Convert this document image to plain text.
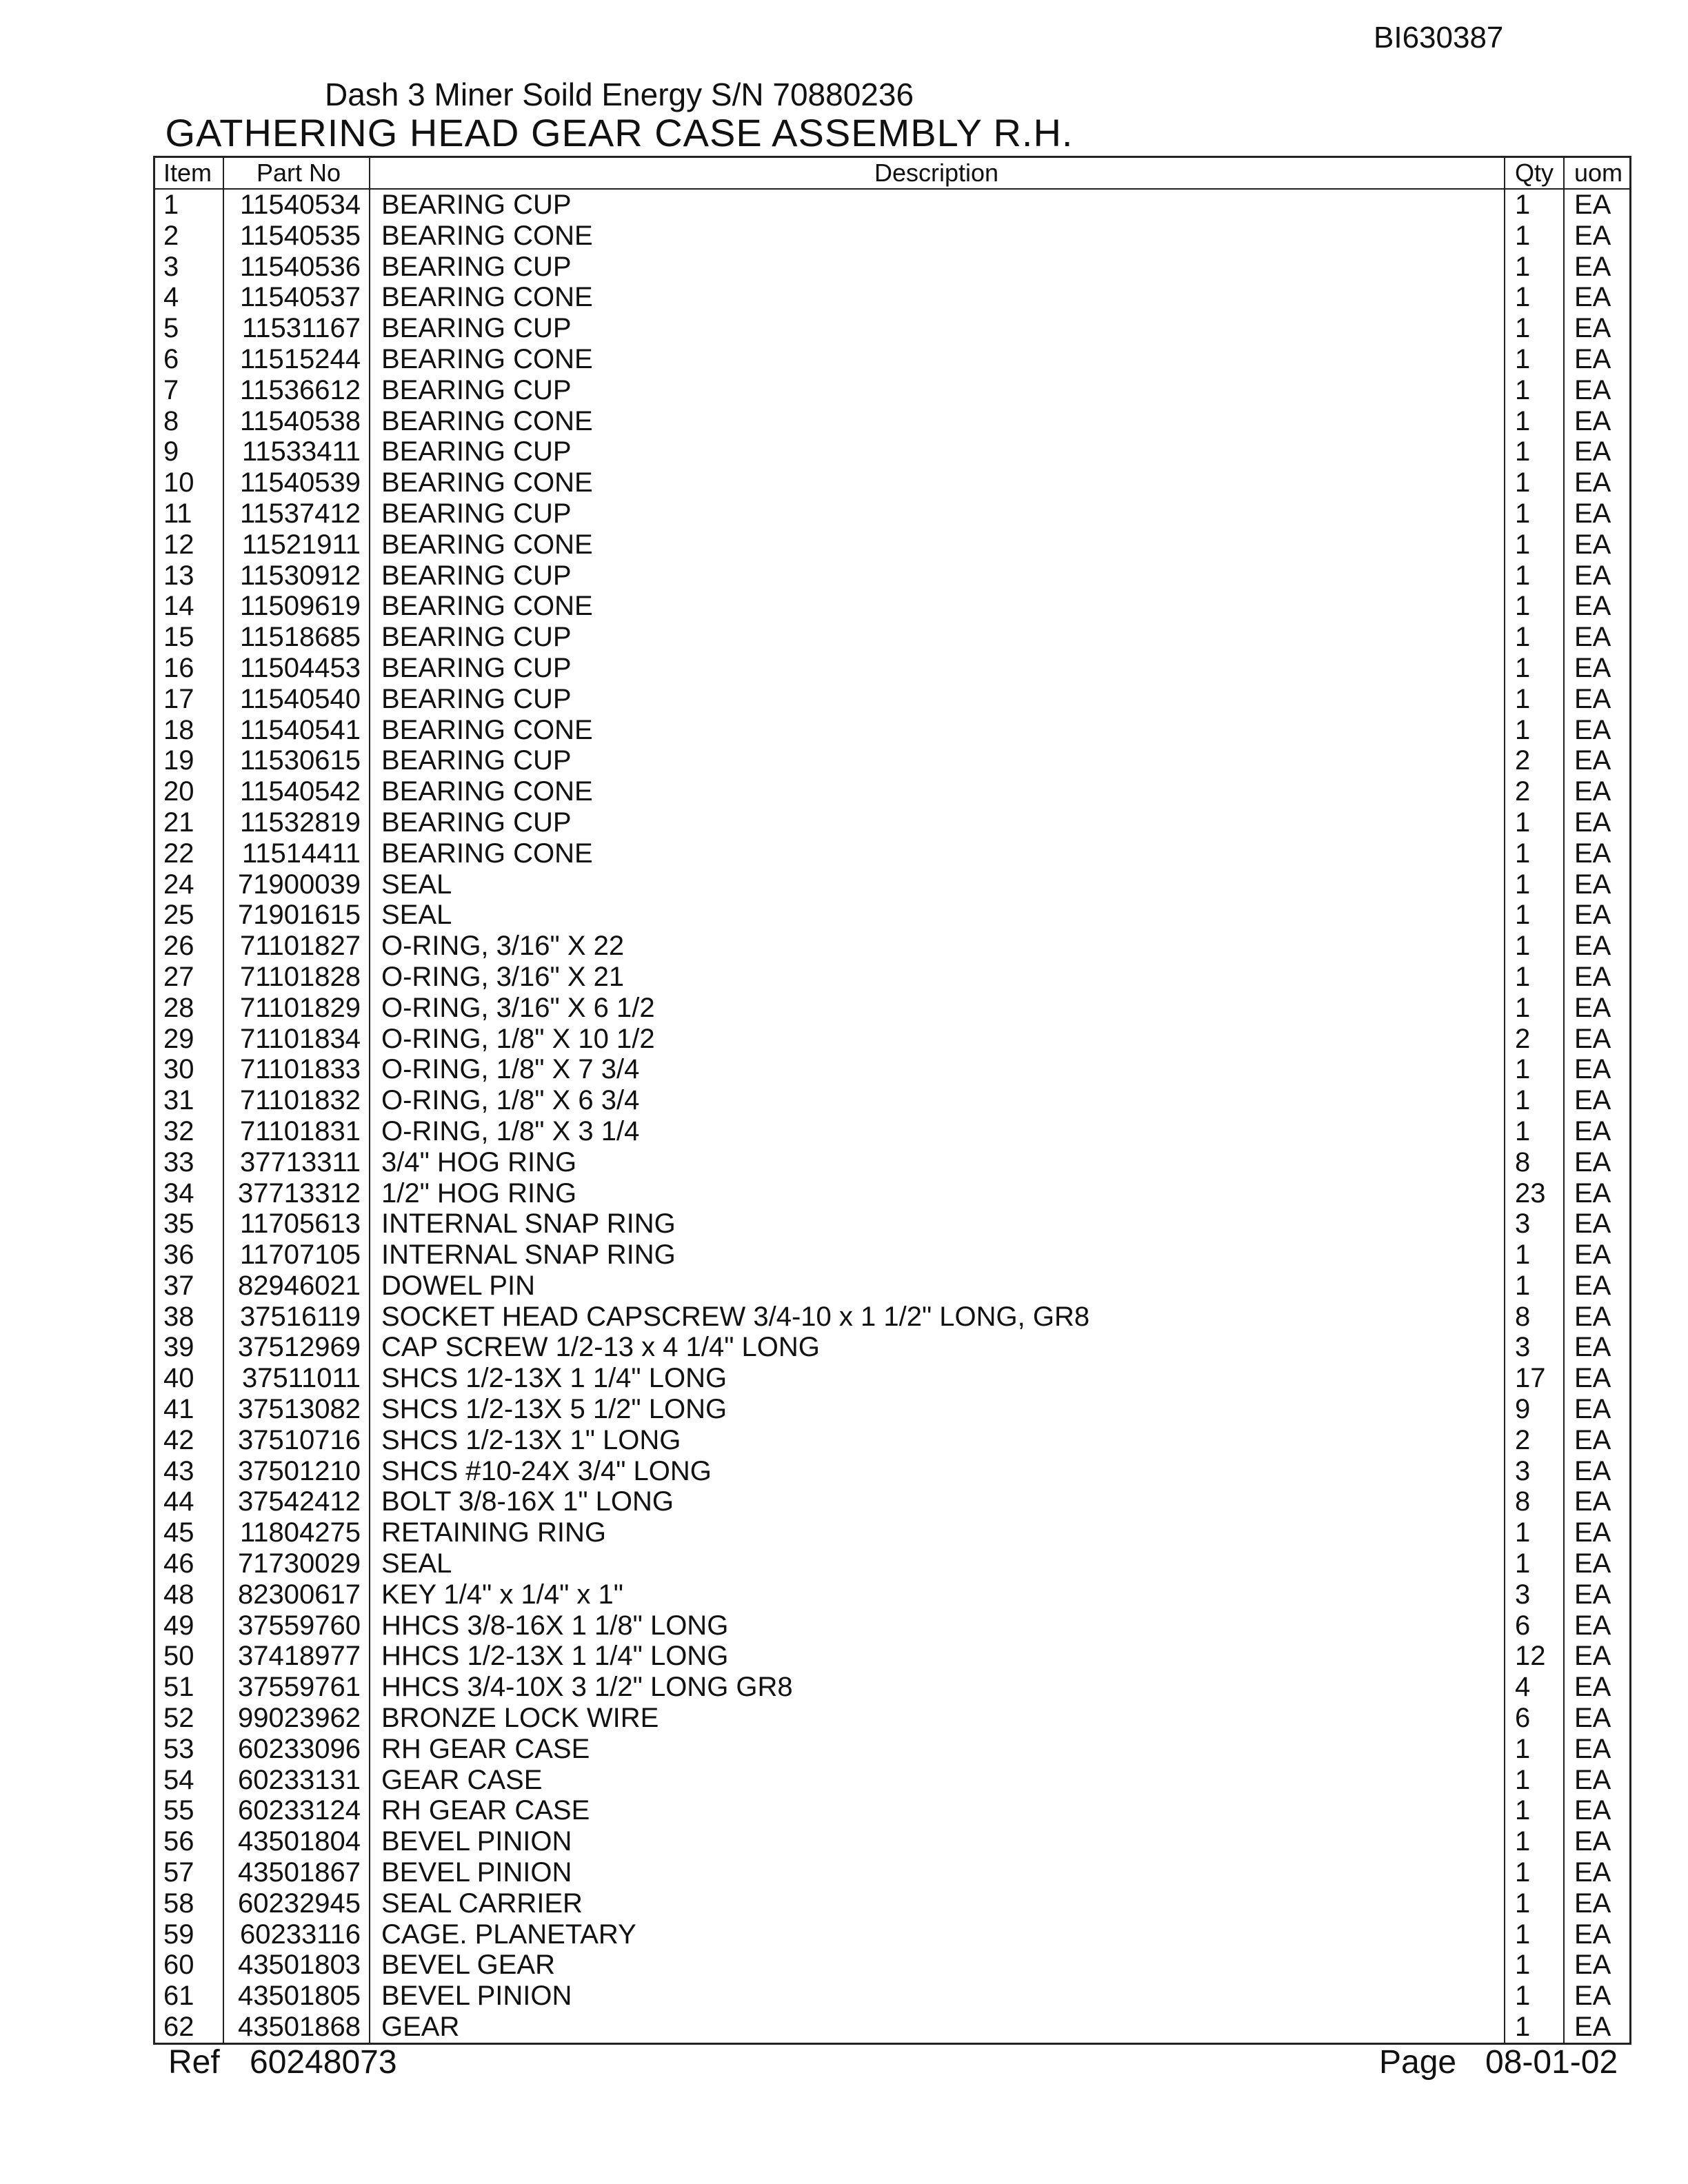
BI630387
Dash 3 Miner Soild Energy S/N 70880236
GATHERING HEAD GEAR CASE ASSEMBLY R.H.
Item	Part No	Description	Qty uom
1 11540534 BEARING CUP	1 EA
2 11540535 BEARING CONE	1 EA
3 11540536 BEARING CUP	1 EA
4 11540537 BEARING CONE	1 EA
5 11531167 BEARING CUP	1 EA
6 11515244 BEARING CONE	1 EA
7 11536612 BEARING CUP	1 EA
8 11540538 BEARING CONE	1 EA
9 11533411 BEARING CUP	1 EA
10 11540539 BEARING CONE	1 EA
11 11537412 BEARING CUP	1 EA
12 11521911 BEARING CONE	1 EA
13 11530912 BEARING CUP	1 EA
14 11509619 BEARING CONE	1 EA
15 11518685 BEARING CUP	1 EA
16 11504453 BEARING CUP	1 EA
17 11540540 BEARING CUP	1 EA
18 11540541 BEARING CONE	1 EA
19 11530615 BEARING CUP	2 EA
20 11540542 BEARING CONE	2 EA
21 11532819 BEARING CUP	1 EA
22 11514411 BEARING CONE	1 EA
24 71900039 SEAL	1 EA
25 71901615 SEAL	1 EA
26 71101827 O-RING, 3/16" X 22	1 EA
27 71101828 O-RING, 3/16" X 21	1 EA
28 71101829 O-RING, 3/16" X 6 1/2	1 EA
29 71101834 O-RING, 1/8" X 10 1/2	2 EA
30 71101833 O-RING, 1/8" X 7 3/4	1 EA
31 71101832 O-RING, 1/8" X 6 3/4	1 EA
32 71101831 O-RING, 1/8" X 3 1/4	1 EA
33 37713311 3/4" HOG RING	8 EA
34 37713312 1/2" HOG RING	23 EA
35 11705613 INTERNAL SNAP RING	3 EA
36 11707105 INTERNAL SNAP RING	1 EA
37 82946021 DOWEL PIN	1 EA
38 37516119 SOCKET HEAD CAPSCREW 3/4-10 x 1 1/2" LONG, GR8	8 EA
39 37512969 CAP SCREW 1/2-13 x 4 1/4" LONG	3 EA
40 37511011 SHCS 1/2-13X 1 1/4" LONG	17 EA
41 37513082 SHCS 1/2-13X 5 1/2" LONG	9 EA
42 37510716 SHCS 1/2-13X 1" LONG	2 EA
43 37501210 SHCS #10-24X 3/4" LONG	3 EA
44 37542412 BOLT 3/8-16X 1" LONG	8 EA
45 11804275 RETAINING RING	1 EA
46 71730029 SEAL	1 EA
48 82300617 KEY 1/4" x 1/4" x 1"	3 EA
49 37559760 HHCS 3/8-16X 1 1/8" LONG	6 EA
50 37418977 HHCS 1/2-13X 1 1/4" LONG	12 EA
51 37559761 HHCS 3/4-10X 3 1/2" LONG GR8	4 EA
52 99023962 BRONZE LOCK WIRE	6 EA
53 60233096 RH GEAR CASE	1 EA
54 60233131 GEAR CASE	1 EA
55 60233124 RH GEAR CASE	1 EA
56 43501804 BEVEL PINION	1 EA
57 43501867 BEVEL PINION	1 EA
58 60232945 SEAL CARRIER	1 EA
59 60233116 CAGE. PLANETARY	1 EA
60 43501803 BEVEL GEAR	1 EA
61 43501805 BEVEL PINION	1 EA
62 43501868 GEAR	1 EA
Ref 60248073	Page 08-01-02
